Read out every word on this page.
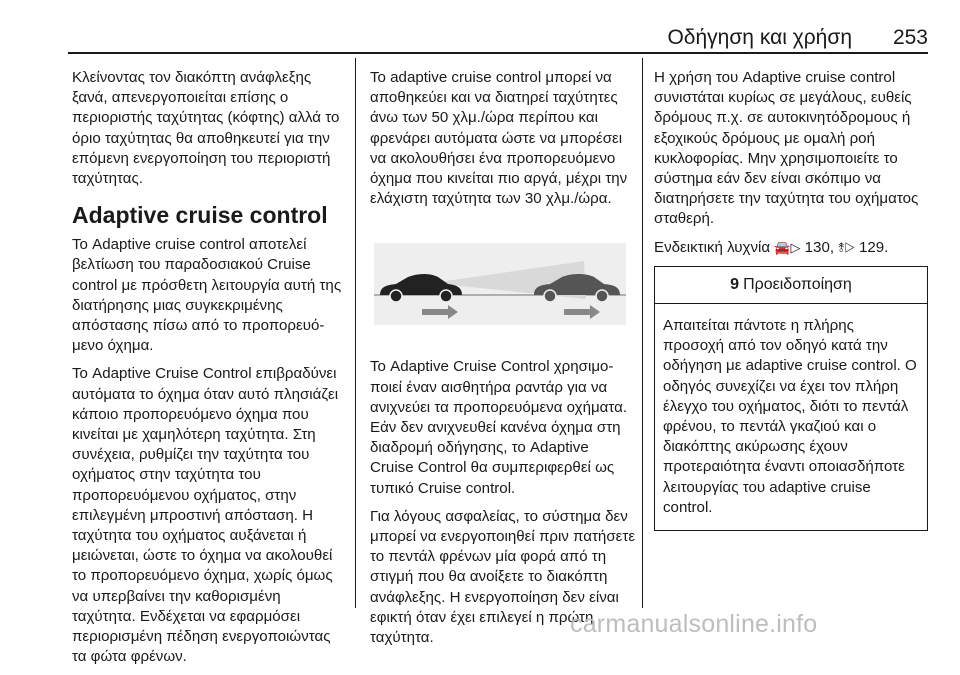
Οδήγηση και χρήση 253

Κλείνοντας τον διακόπτη ανάφλεξης ξανά, απενεργοποιείται επίσης ο περιοριστής ταχύτητας (κόφτης) αλλά το όριο ταχύτητας θα αποθηκευτεί για την επόμενη ενεργοποίηση του περιοριστή ταχύτητας.

Adaptive cruise control

Το Adaptive cruise control αποτελεί βελτίωση του παραδοσιακού Cruise control με πρόσθετη λειτουργία αυτή της διατήρησης μιας συγκεκριμένης απόστασης πίσω από το προπορευόμενο όχημα.

Το Adaptive Cruise Control επιβραδύνει αυτόματα το όχημα όταν αυτό πλησιάζει κάποιο προπορευόμενο όχημα που κινείται με χαμηλότερη ταχύτητα. Στη συνέχεια, ρυθμίζει την ταχύτητα του οχήματος στην ταχύτητα του προπορευόμενου οχήματος, στην επιλεγμένη μπροστινή απόσταση. Η ταχύτητα του οχήματος αυξάνεται ή μειώνεται, ώστε το όχημα να ακολουθεί το προπορευόμενο όχημα, χωρίς όμως να υπερβαίνει την καθορισμένη ταχύτητα. Ενδέχεται να εφαρμόσει περιορισμένη πέδηση ενεργοποιώντας τα φώτα φρένων.

Το adaptive cruise control μπορεί να αποθηκεύει και να διατηρεί ταχύτητες άνω των 50 χλμ./ώρα περίπου και φρενάρει αυτόματα ώστε να μπορέσει να ακολουθήσει ένα προπορευόμενο όχημα που κινείται πιο αργά, μέχρι την ελάχιστη ταχύτητα των 30 χλμ./ώρα.

Το Adaptive Cruise Control χρησιμοποιεί έναν αισθητήρα ραντάρ για να ανιχνεύει τα προπορευόμενα οχήματα. Εάν δεν ανιχνευθεί κανένα όχημα στη διαδρομή οδήγησης, το Adaptive Cruise Control θα συμπεριφερθεί ως τυπικό Cruise control.

Για λόγους ασφαλείας, το σύστημα δεν μπορεί να ενεργοποιηθεί πριν πατήσετε το πεντάλ φρένων μία φορά από τη στιγμή που θα ανοίξετε το διακόπτη ανάφλεξης. Η ενεργοποίηση δεν είναι εφικτή όταν έχει επιλεγεί η πρώτη ταχύτητα.

Η χρήση του Adaptive cruise control συνιστάται κυρίως σε μεγάλους, ευθείς δρόμους π.χ. σε αυτοκινητόδρομους ή εξοχικούς δρόμους με ομαλή ροή κυκλοφορίας. Μην χρησιμοποιείτε το σύστημα εάν δεν είναι σκόπιμο να διατηρήσετε την ταχύτητα του οχήματος σταθερή.

Ενδεικτική λυχνία 🚘▷ 130, ⥉▷ 129.

9 Προειδοποίηση
Απαιτείται πάντοτε η πλήρης προσοχή από τον οδηγό κατά την οδήγηση με adaptive cruise control. Ο οδηγός συνεχίζει να έχει τον πλήρη έλεγχο του οχήματος, διότι το πεντάλ φρένου, το πεντάλ γκαζιού και ο διακόπτης ακύρωσης έχουν προτεραιότητα έναντι οποιασδήποτε λειτουργίας του adaptive cruise control.
carmanualsonline.info
